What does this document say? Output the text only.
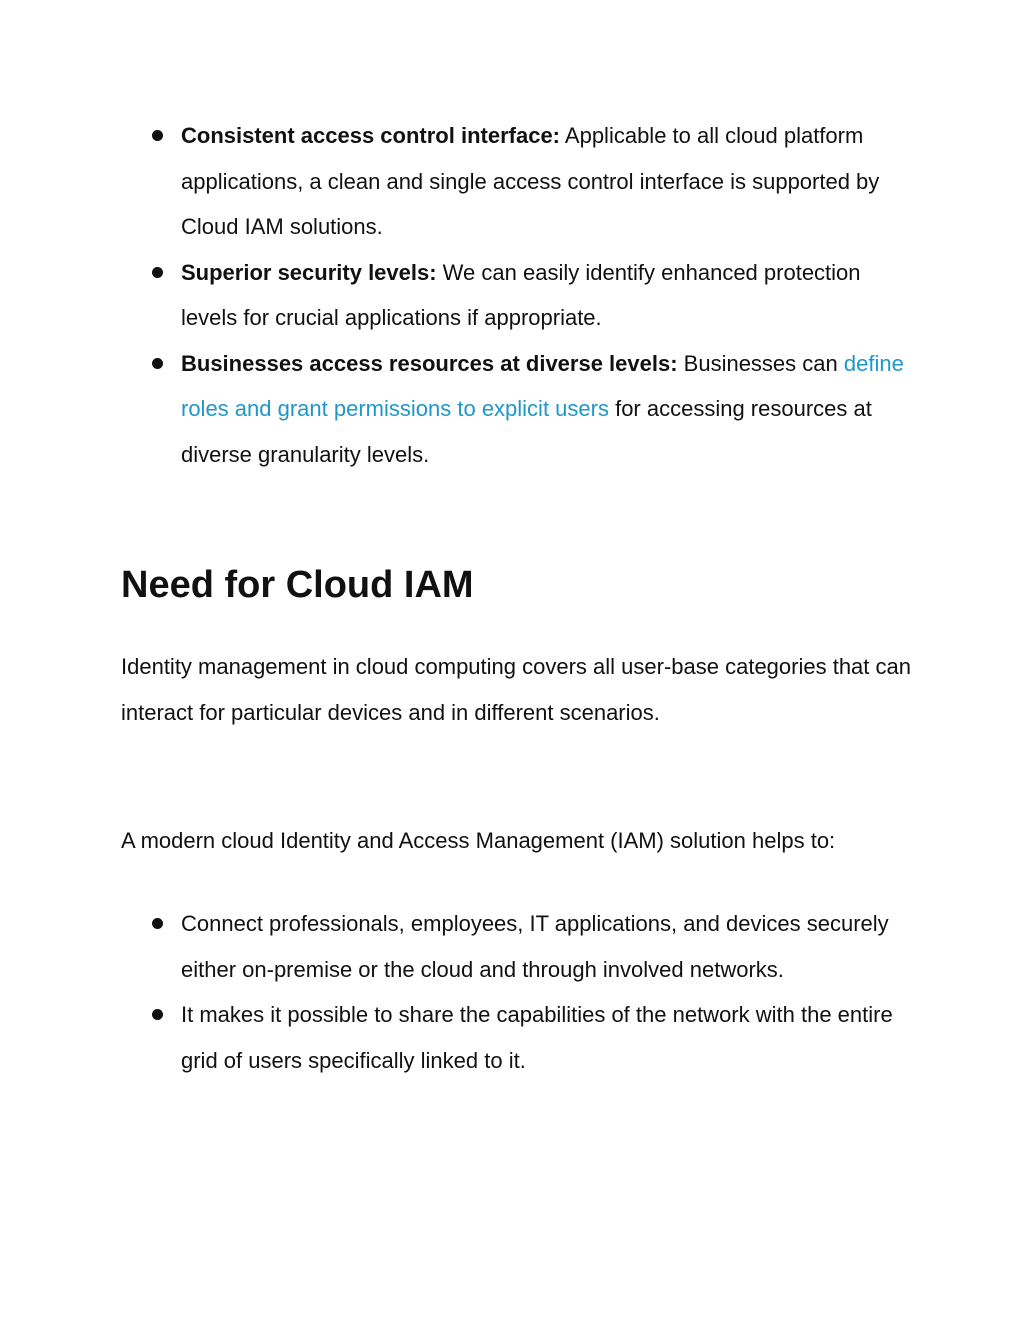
Consistent access control interface: Applicable to all cloud platform applications, a clean and single access control interface is supported by Cloud IAM solutions.
Superior security levels: We can easily identify enhanced protection levels for crucial applications if appropriate.
Businesses access resources at diverse levels: Businesses can define roles and grant permissions to explicit users for accessing resources at diverse granularity levels.
Need for Cloud IAM

Identity management in cloud computing covers all user-base categories that can interact for particular devices and in different scenarios.

A modern cloud Identity and Access Management (IAM) solution helps to:

Connect professionals, employees, IT applications, and devices securely either on-premise or the cloud and through involved networks.
It makes it possible to share the capabilities of the network with the entire grid of users specifically linked to it.
